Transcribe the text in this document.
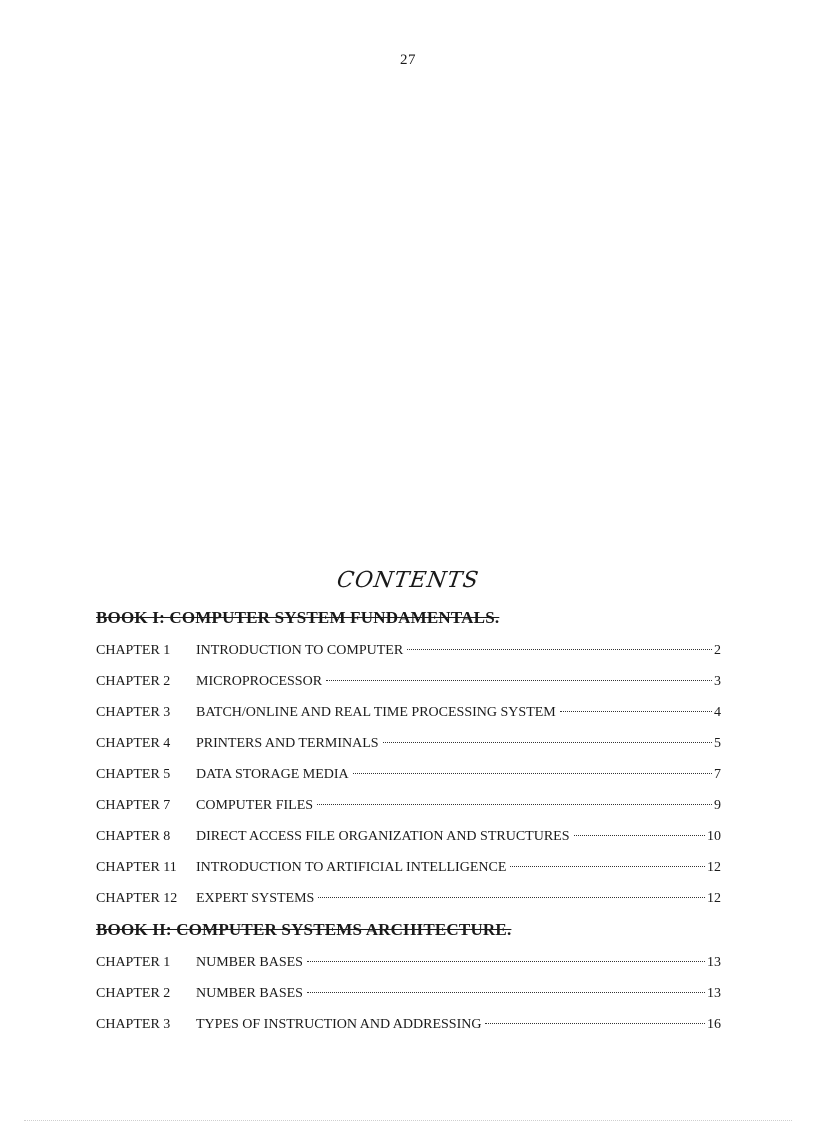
27
CONTENTS
BOOK I: COMPUTER SYSTEM FUNDAMENTALS.
CHAPTER 1	INTRODUCTION TO COMPUTER	2
CHAPTER 2	MICROPROCESSOR	3
CHAPTER 3	BATCH/ONLINE AND REAL TIME PROCESSING SYSTEM	4
CHAPTER 4	PRINTERS AND TERMINALS	5
CHAPTER 5	DATA STORAGE MEDIA	7
CHAPTER 7	COMPUTER FILES	9
CHAPTER 8	DIRECT ACCESS FILE ORGANIZATION AND STRUCTURES	10
CHAPTER 11	INTRODUCTION TO ARTIFICIAL INTELLIGENCE	12
CHAPTER 12	EXPERT SYSTEMS	12
BOOK II: COMPUTER SYSTEMS ARCHITECTURE.
CHAPTER 1	NUMBER BASES	13
CHAPTER 2	NUMBER BASES	13
CHAPTER 3	TYPES OF INSTRUCTION AND ADDRESSING	16
